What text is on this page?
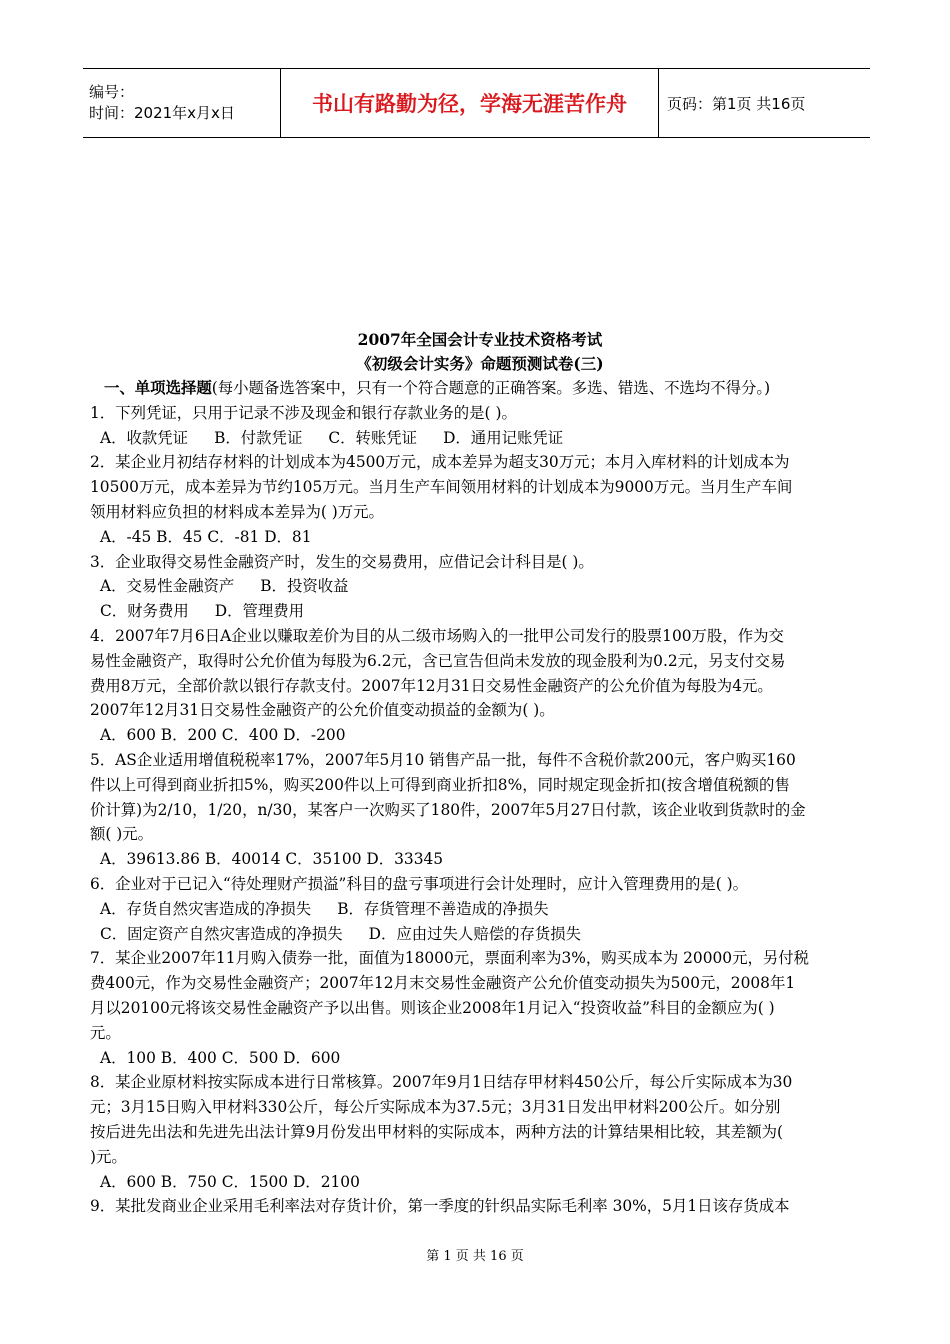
编号：
时间：2021年x月x日	书山有路勤为径，学海无涯苦作舟	页码：第1页 共16页
2007年全国会计专业技术资格考试
《初级会计实务》命题预测试卷(三)

一、单项选择题(每小题备选答案中，只有一个符合题意的正确答案。多选、错选、不选均不得分。)

1．下列凭证，只用于记录不涉及现金和银行存款业务的是( )。

A．收款凭证 B．付款凭证 C．转账凭证 D．通用记账凭证

2．某企业月初结存材料的计划成本为4500万元，成本差异为超支30万元；本月入库材料的计划成本为

10500万元，成本差异为节约105万元。当月生产车间领用材料的计划成本为9000万元。当月生产车间

领用材料应负担的材料成本差异为( )万元。

A．-45 B．45 C．-81 D．81

3．企业取得交易性金融资产时，发生的交易费用，应借记会计科目是( )。

A．交易性金融资产 B．投资收益

C．财务费用 D．管理费用

4．2007年7月6日A企业以赚取差价为目的从二级市场购入的一批甲公司发行的股票100万股，作为交

易性金融资产，取得时公允价值为每股为6.2元，含已宣告但尚未发放的现金股利为0.2元，另支付交易

费用8万元，全部价款以银行存款支付。2007年12月31日交易性金融资产的公允价值为每股为4元。

2007年12月31日交易性金融资产的公允价值变动损益的金额为( )。

A．600 B．200 C．400 D．-200

5．AS企业适用增值税税率17%，2007年5月10 销售产品一批，每件不含税价款200元，客户购买160

件以上可得到商业折扣5%，购买200件以上可得到商业折扣8%，同时规定现金折扣(按含增值税额的售

价计算)为2/10，1/20，n/30，某客户一次购买了180件，2007年5月27日付款，该企业收到货款时的金

额( )元。

A．39613.86 B．40014 C．35100 D．33345

6．企业对于已记入“待处理财产损溢”科目的盘亏事项进行会计处理时，应计入管理费用的是( )。

A．存货自然灾害造成的净损失 B．存货管理不善造成的净损失

C．固定资产自然灾害造成的净损失 D．应由过失人赔偿的存货损失

7．某企业2007年11月购入债券一批，面值为18000元，票面利率为3%，购买成本为 20000元，另付税

费400元，作为交易性金融资产；2007年12月末交易性金融资产公允价值变动损失为500元，2008年1

月以20100元将该交易性金融资产予以出售。则该企业2008年1月记入“投资收益”科目的金额应为( )

元。

A．100 B．400 C．500 D．600

8．某企业原材料按实际成本进行日常核算。2007年9月1日结存甲材料450公斤，每公斤实际成本为30

元；3月15日购入甲材料330公斤，每公斤实际成本为37.5元；3月31日发出甲材料200公斤。如分别

按后进先出法和先进先出法计算9月份发出甲材料的实际成本，两种方法的计算结果相比较，其差额为(

)元。

A．600 B．750 C．1500 D．2100

9．某批发商业企业采用毛利率法对存货计价，第一季度的针织品实际毛利率 30%，5月1日该存货成本

第 1 页 共 16 页
